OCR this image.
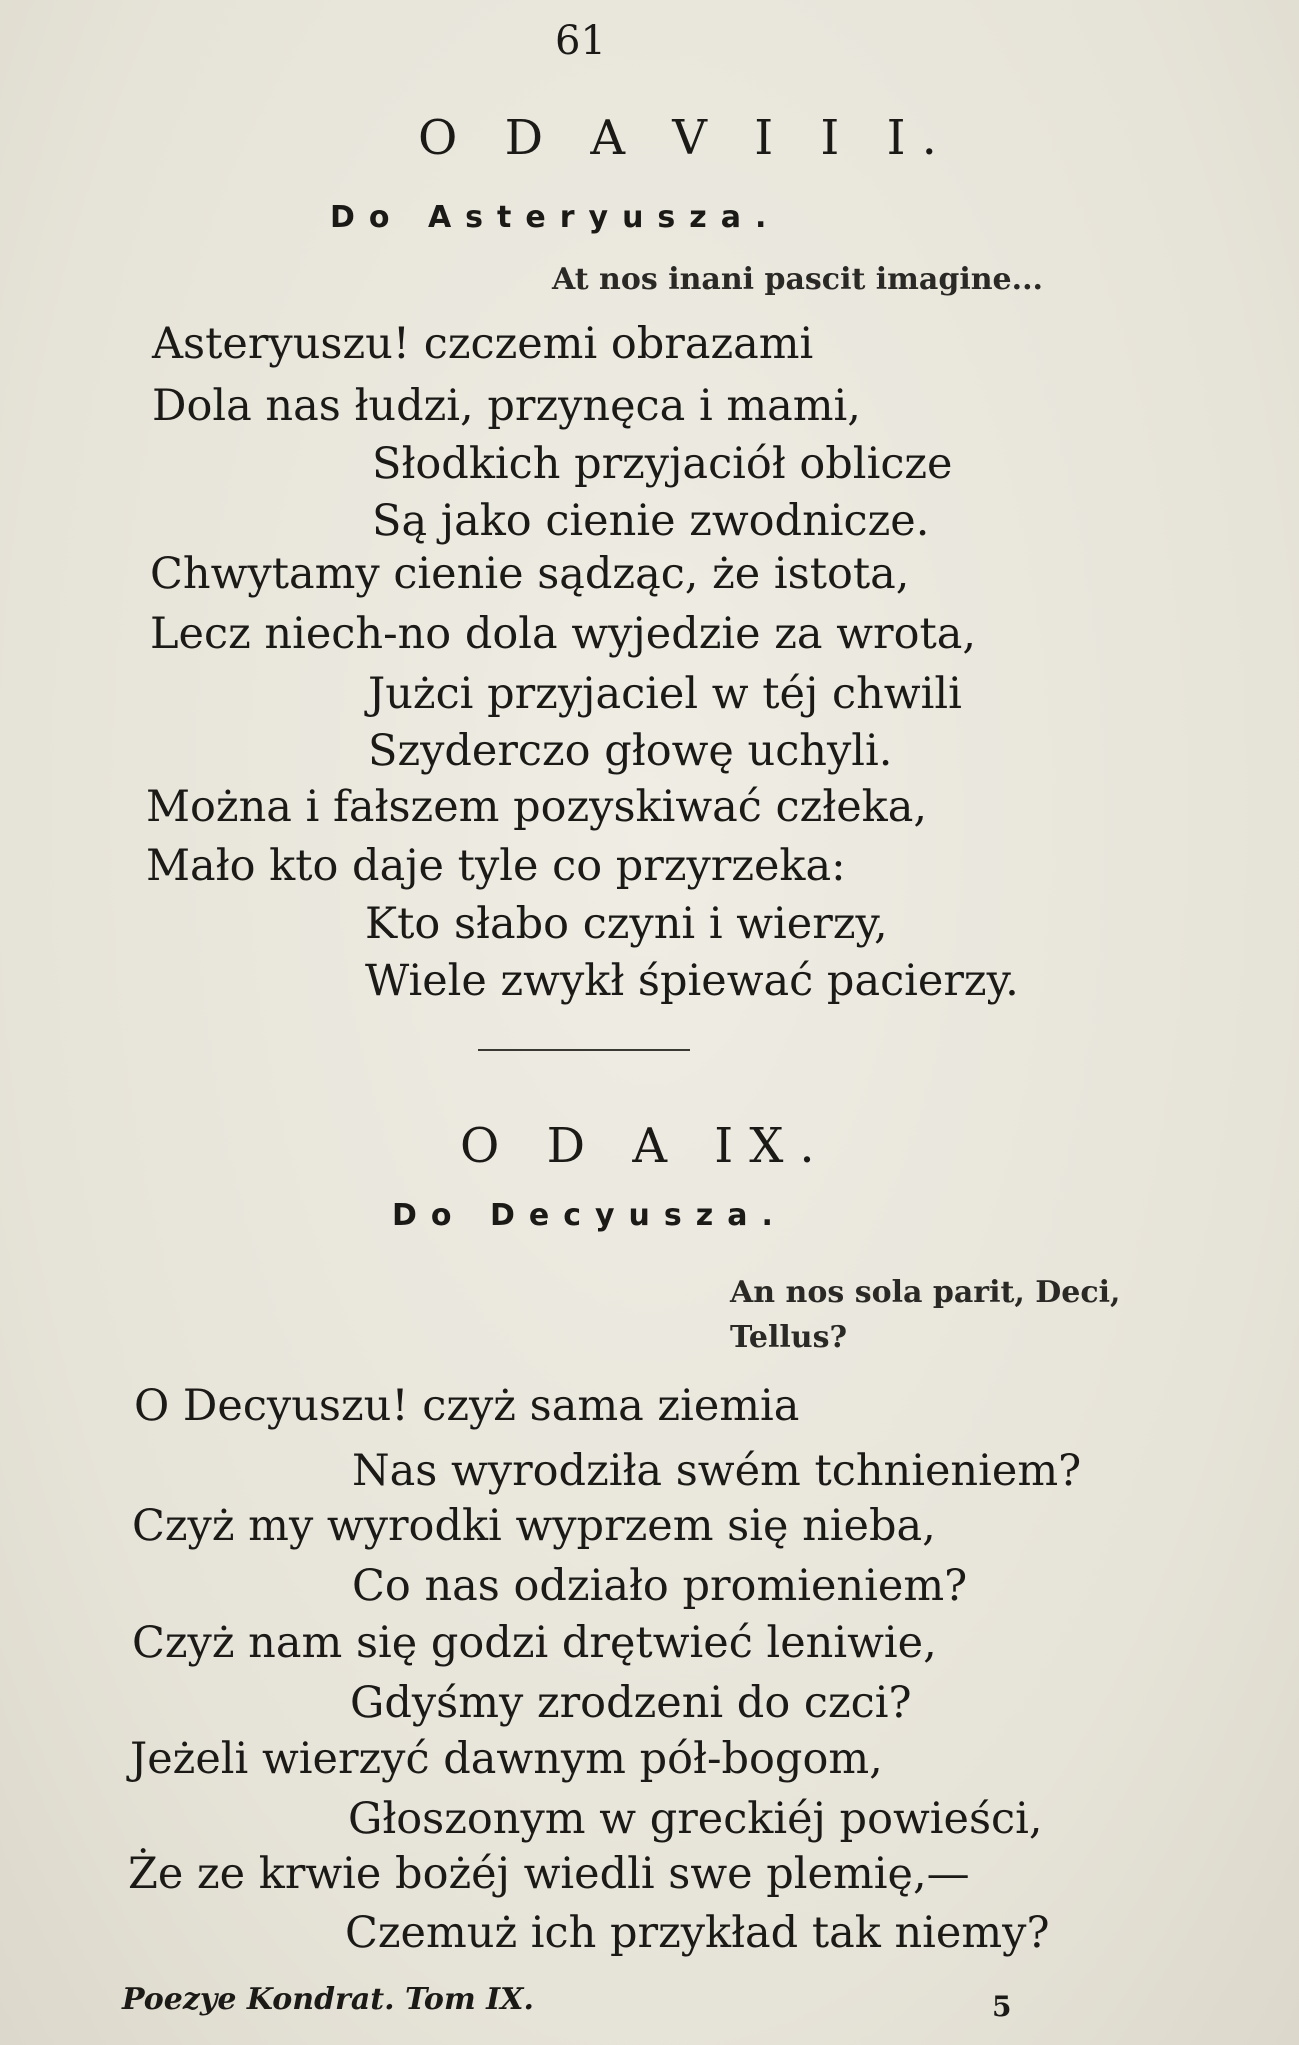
61
O D A V I I I.
Do Asteryusza.
At nos inani pascit imagine...
Asteryuszu! czczemi obrazami
Dola nas łudzi, przynęca i mami,
Słodkich przyjaciół oblicze
Są jako cienie zwodnicze.
Chwytamy cienie sądząc, że istota,
Lecz niech-no dola wyjedzie za wrota,
Jużci przyjaciel w téj chwili
Szyderczo głowę uchyli.
Można i fałszem pozyskiwać człeka,
Mało kto daje tyle co przyrzeka:
Kto słabo czyni i wierzy,
Wiele zwykł śpiewać pacierzy.
O D A IX.
Do Decyusza.
An nos sola parit, Deci,
Tellus?
O Decyuszu! czyż sama ziemia
Nas wyrodziła swém tchnieniem?
Czyż my wyrodki wyprzem się nieba,
Co nas odziało promieniem?
Czyż nam się godzi drętwieć leniwie,
Gdyśmy zrodzeni do czci?
Jeżeli wierzyć dawnym pół-bogom,
Głoszonym w greckiéj powieści,
Że ze krwie bożéj wiedli swe plemię,—
Czemuż ich przykład tak niemy?
Poezye Kondrat. Tom IX.	5
